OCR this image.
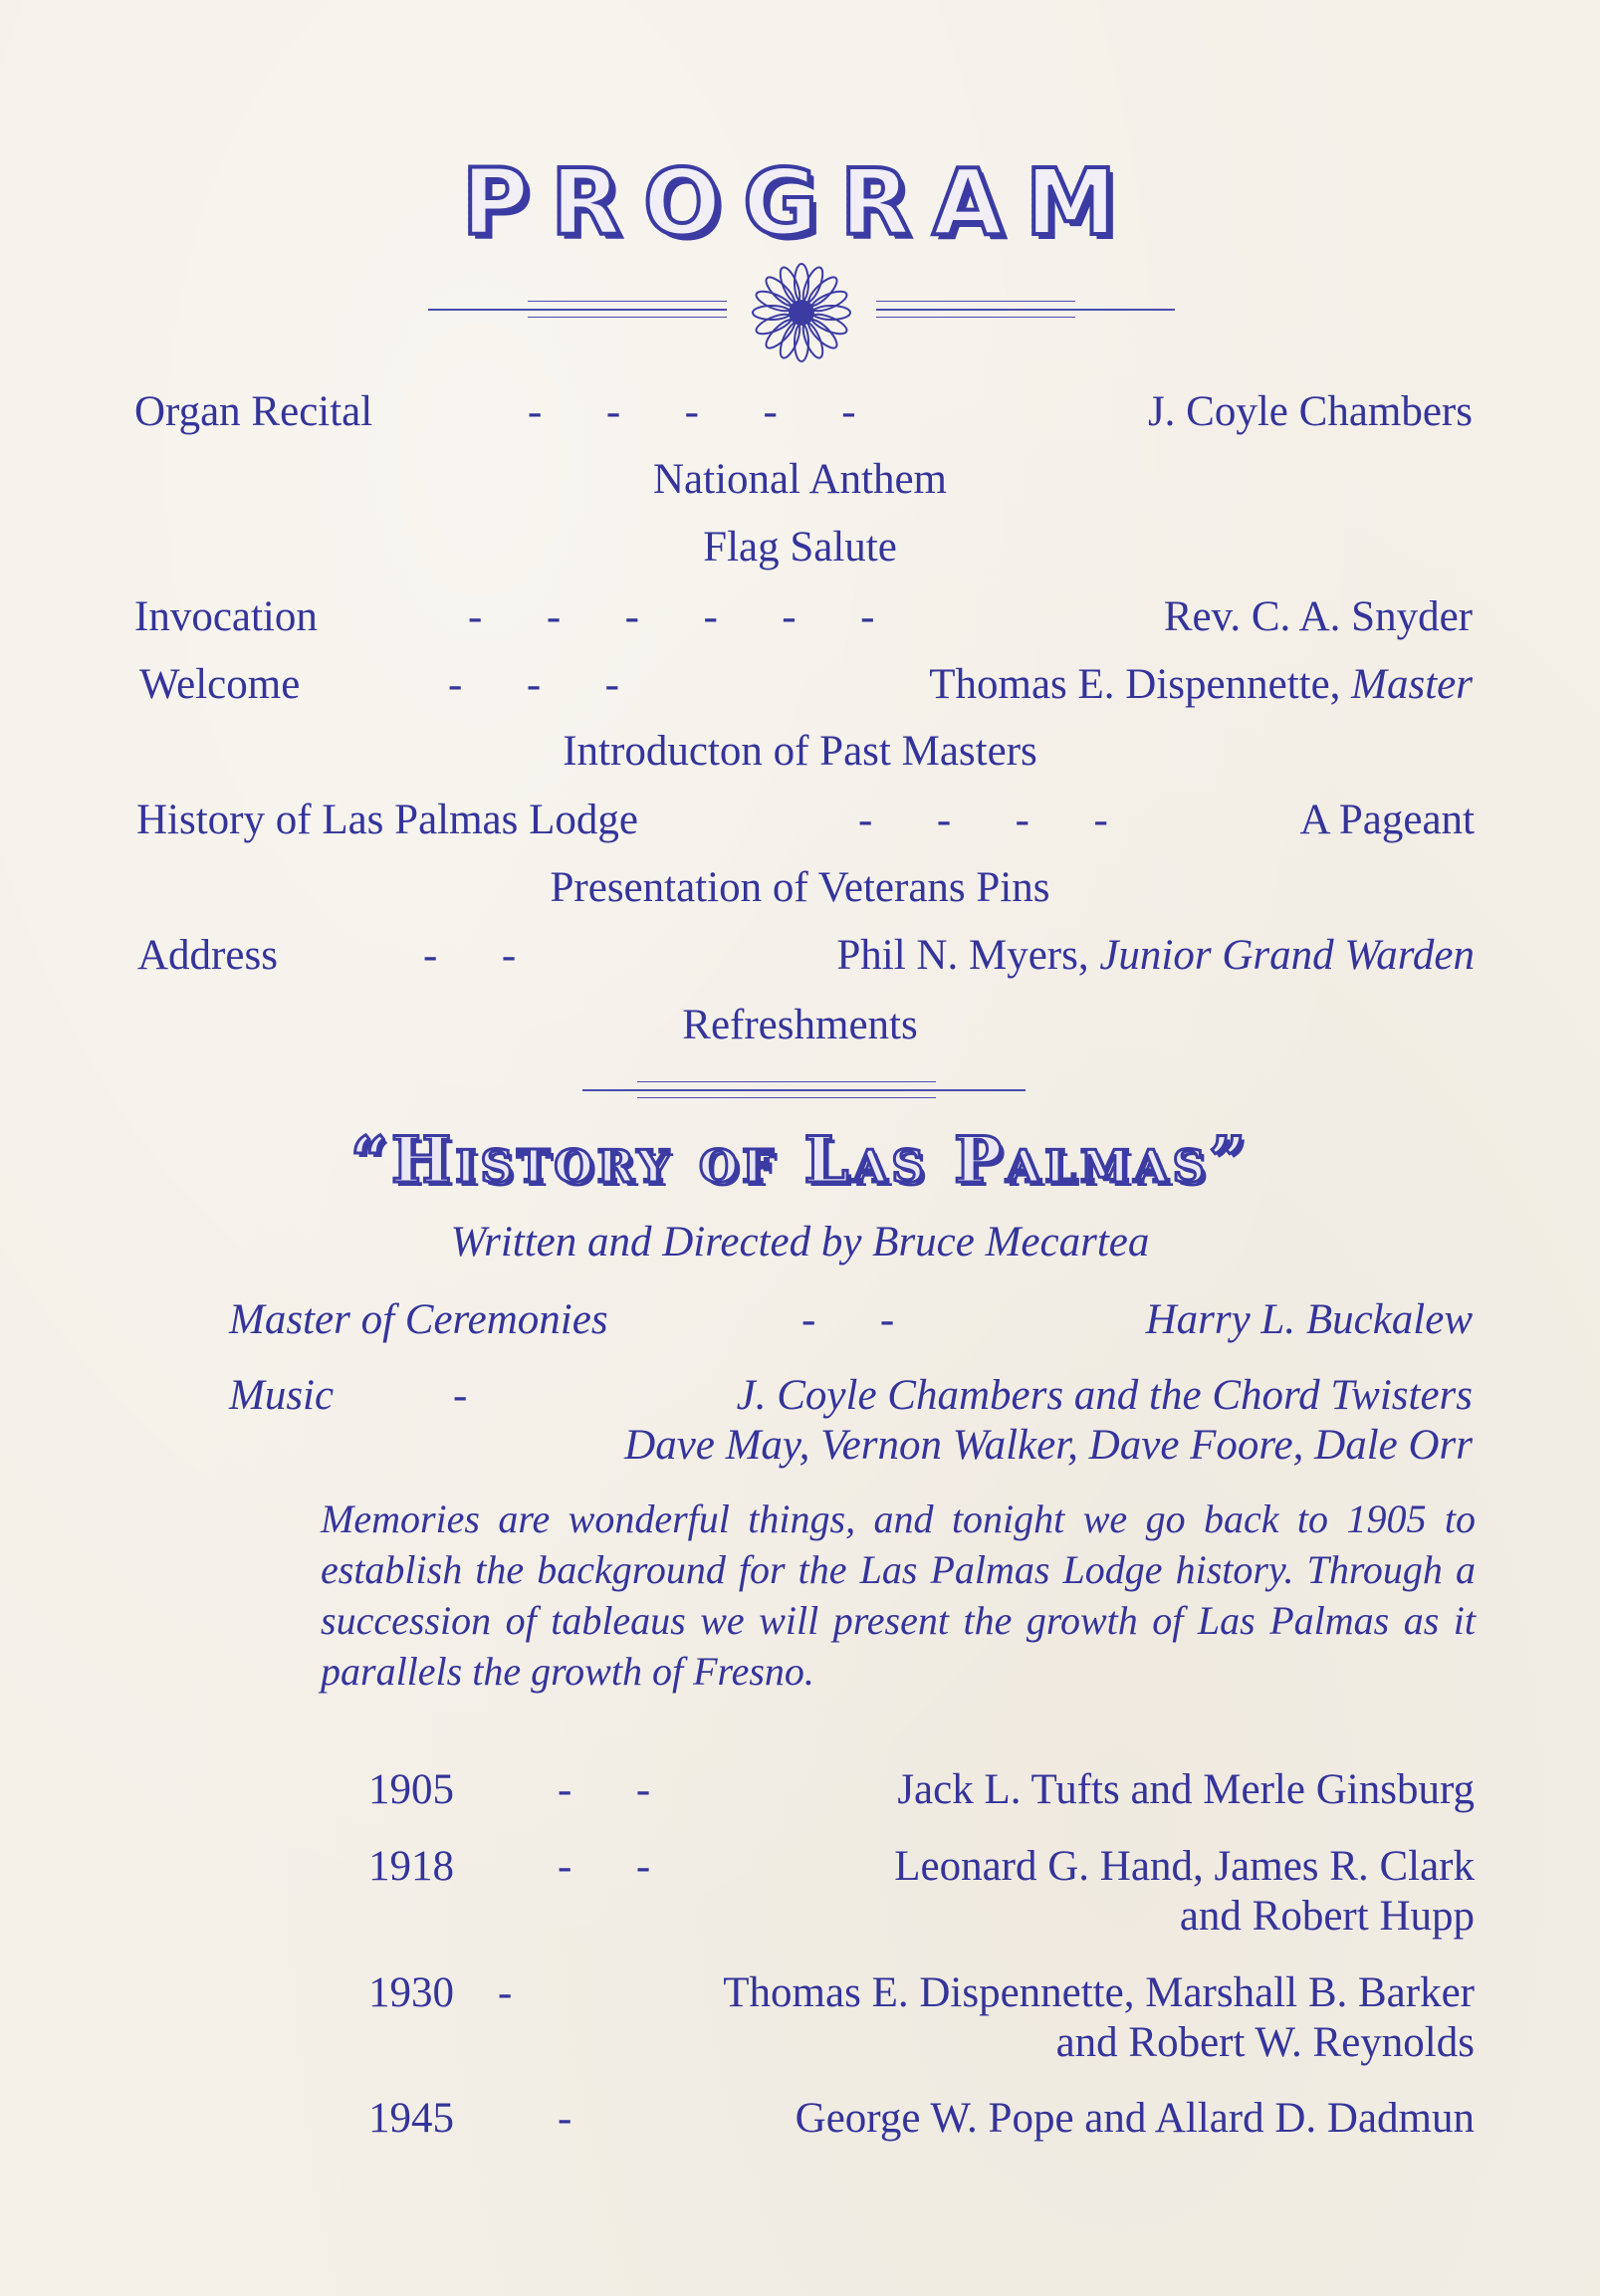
PROGRAM
Organ Recital	-      -      -      -      -	J. Coyle Chambers
National Anthem
Flag Salute
Invocation	-      -      -      -      -      -	Rev. C. A. Snyder
Welcome	-      -      -	Thomas E. Dispennette, Master
Introducton of Past Masters
History of Las Palmas Lodge	-      -      -      -	A Pageant
Presentation of Veterans Pins
Address	-      -	Phil N. Myers, Junior Grand Warden
Refreshments
“History of Las Palmas”
Written and Directed by Bruce Mecartea
Master of Ceremonies	-      -	Harry L. Buckalew
Music	-	J. Coyle Chambers and the Chord Twisters
Dave May, Vernon Walker, Dave Foore, Dale Orr
Memories are wonderful things, and tonight we go back to 1905 to establish the background for the Las Palmas Lodge history. Through a succession of tableaus we will present the growth of Las Palmas as it parallels the growth of Fresno.
1905 -      -	Jack L. Tufts and Merle Ginsburg
1918 -      -	Leonard G. Hand, James R. Clark
and Robert Hupp
1930 -	Thomas E. Dispennette, Marshall B. Barker
and Robert W. Reynolds
1945 -	George W. Pope and Allard D. Dadmun
